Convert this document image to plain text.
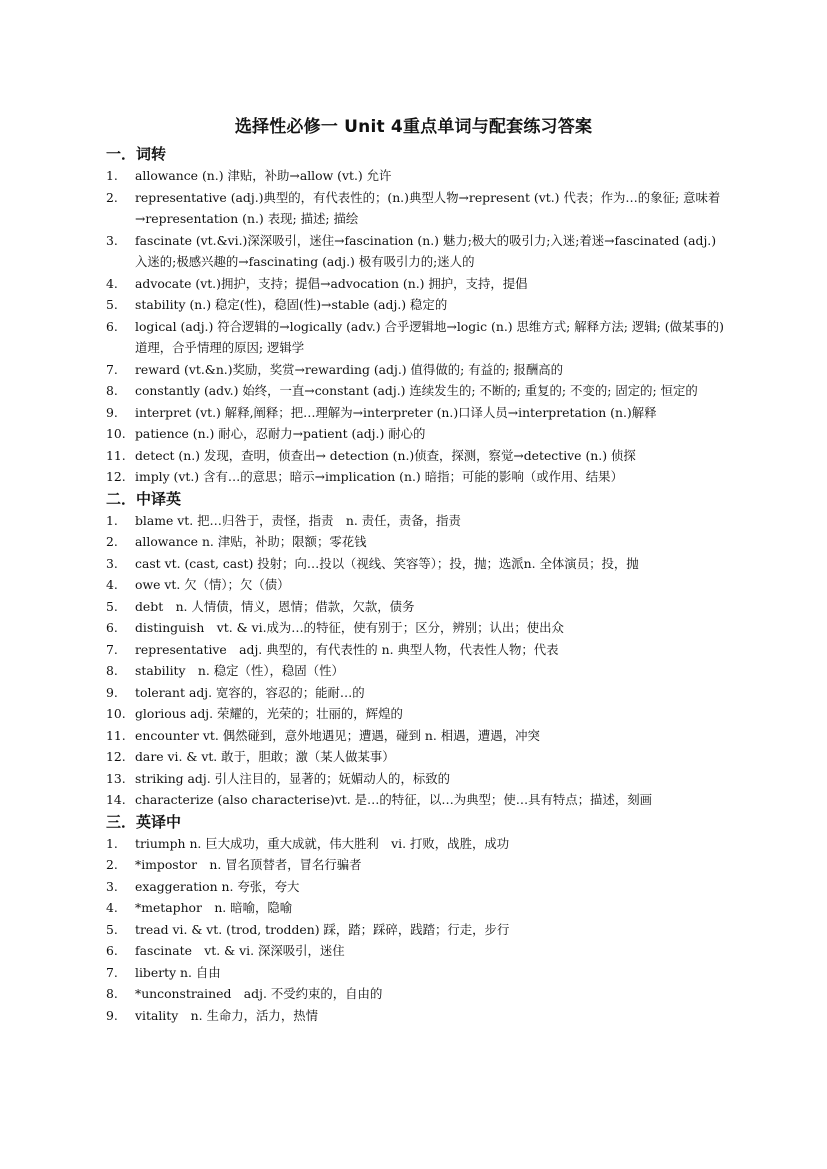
选择性必修一 Unit 4重点单词与配套练习答案
一．词转
1.	allowance (n.) 津贴，补助→allow (vt.) 允许
2.	representative (adj.)典型的，有代表性的；(n.)典型人物→represent (vt.) 代表；作为…的象征; 意味着→representation (n.) 表现; 描述; 描绘
3.	fascinate (vt.&vi.)深深吸引，迷住→fascination (n.) 魅力;极大的吸引力;入迷;着迷→fascinated (adj.) 入迷的;极感兴趣的→fascinating (adj.) 极有吸引力的;迷人的
4.	advocate (vt.)拥护，支持；提倡→advocation (n.) 拥护，支持，提倡
5.	stability (n.) 稳定(性)，稳固(性)→stable (adj.) 稳定的
6.	logical (adj.) 符合逻辑的→logically (adv.) 合乎逻辑地→logic (n.) 思维方式; 解释方法; 逻辑; (做某事的)道理，合乎情理的原因; 逻辑学
7.	reward (vt.&n.)奖励，奖赏→rewarding (adj.) 值得做的; 有益的; 报酬高的
8.	constantly (adv.) 始终，一直→constant (adj.) 连续发生的; 不断的; 重复的; 不变的; 固定的; 恒定的
9.	interpret (vt.) 解释,阐释；把…理解为→interpreter (n.)口译人员→interpretation (n.)解释
10. patience (n.) 耐心，忍耐力→patient (adj.) 耐心的
11. detect (n.) 发现，查明，侦查出→ detection (n.)侦查，探测，察觉→detective (n.) 侦探
12. imply (vt.) 含有…的意思；暗示→implication (n.) 暗指；可能的影响（或作用、结果）
二．中译英
1.	blame vt. 把…归咎于，责怪，指责　n. 责任，责备，指责
2.	allowance n. 津贴，补助；限额；零花钱
3.	cast vt. (cast, cast) 投射；向…投以（视线、笑容等）；投，抛；选派n. 全体演员；投，抛
4.	owe vt. 欠（情）；欠（债）
5.	debt　n. 人情债，情义，恩情；借款，欠款，债务
6.	distinguish　vt. & vi.成为…的特征，使有别于；区分，辨别；认出；使出众
7.	representative　adj. 典型的，有代表性的 n. 典型人物，代表性人物；代表
8.	stability　n. 稳定（性），稳固（性）
9.	tolerant adj. 宽容的，容忍的；能耐…的
10. glorious adj. 荣耀的，光荣的；壮丽的，辉煌的
11. encounter vt. 偶然碰到，意外地遇见；遭遇，碰到 n. 相遇，遭遇，冲突
12. dare vi. & vt. 敢于，胆敢；激（某人做某事）
13. striking adj. 引人注目的，显著的；妩媚动人的，标致的
14. characterize (also characterise)vt. 是…的特征，以…为典型；使…具有特点；描述，刻画
三．英译中
1.	triumph n. 巨大成功，重大成就，伟大胜利　vi. 打败，战胜，成功
2.	*impostor　n. 冒名顶替者，冒名行骗者
3.	exaggeration n. 夸张，夸大
4.	*metaphor　n. 暗喻，隐喻
5.	tread vi. & vt. (trod, trodden) 踩，踏；踩碎，践踏；行走，步行
6.	fascinate　vt. & vi. 深深吸引，迷住
7.	liberty n. 自由
8.	*unconstrained　adj. 不受约束的，自由的
9.	vitality　n. 生命力，活力，热情
